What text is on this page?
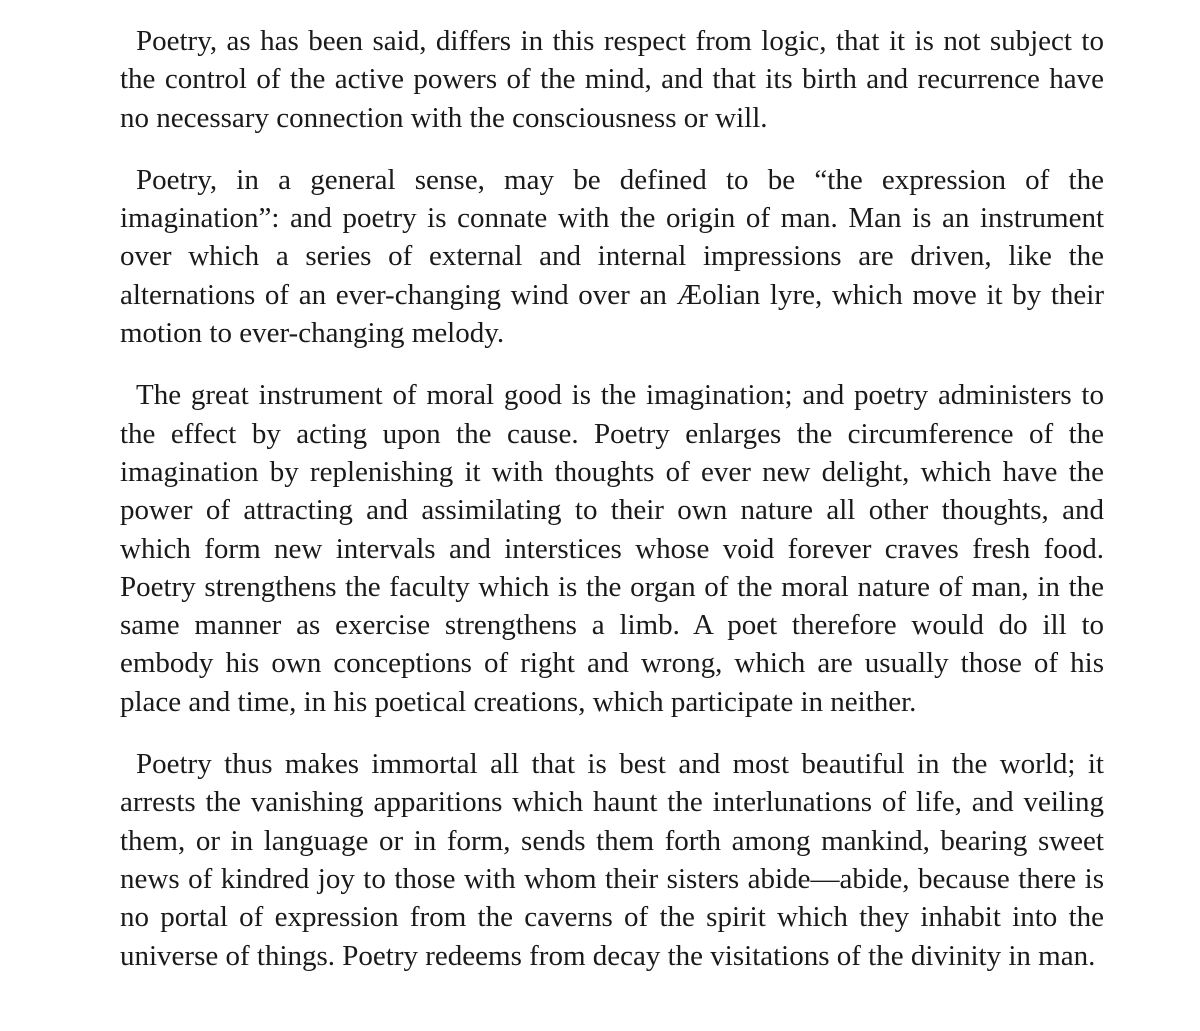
Poetry, as has been said, differs in this respect from logic, that it is not subject to the control of the active powers of the mind, and that its birth and recurrence have no necessary connection with the consciousness or will.

Poetry, in a general sense, may be defined to be “the expression of the imagination”: and poetry is connate with the origin of man. Man is an instrument over which a series of external and internal impressions are driven, like the alternations of an ever-changing wind over an Æolian lyre, which move it by their motion to ever-changing melody.

The great instrument of moral good is the imagination; and poetry administers to the effect by acting upon the cause. Poetry enlarges the circumference of the imagination by replenishing it with thoughts of ever new delight, which have the power of attracting and assimilating to their own nature all other thoughts, and which form new intervals and interstices whose void forever craves fresh food. Poetry strengthens the faculty which is the organ of the moral nature of man, in the same manner as exercise strengthens a limb. A poet therefore would do ill to embody his own conceptions of right and wrong, which are usually those of his place and time, in his poetical creations, which participate in neither.

Poetry thus makes immortal all that is best and most beautiful in the world; it arrests the vanishing apparitions which haunt the interlunations of life, and veiling them, or in language or in form, sends them forth among mankind, bearing sweet news of kindred joy to those with whom their sisters abide—abide, because there is no portal of expression from the caverns of the spirit which they inhabit into the universe of things. Poetry redeems from decay the visitations of the divinity in man.
